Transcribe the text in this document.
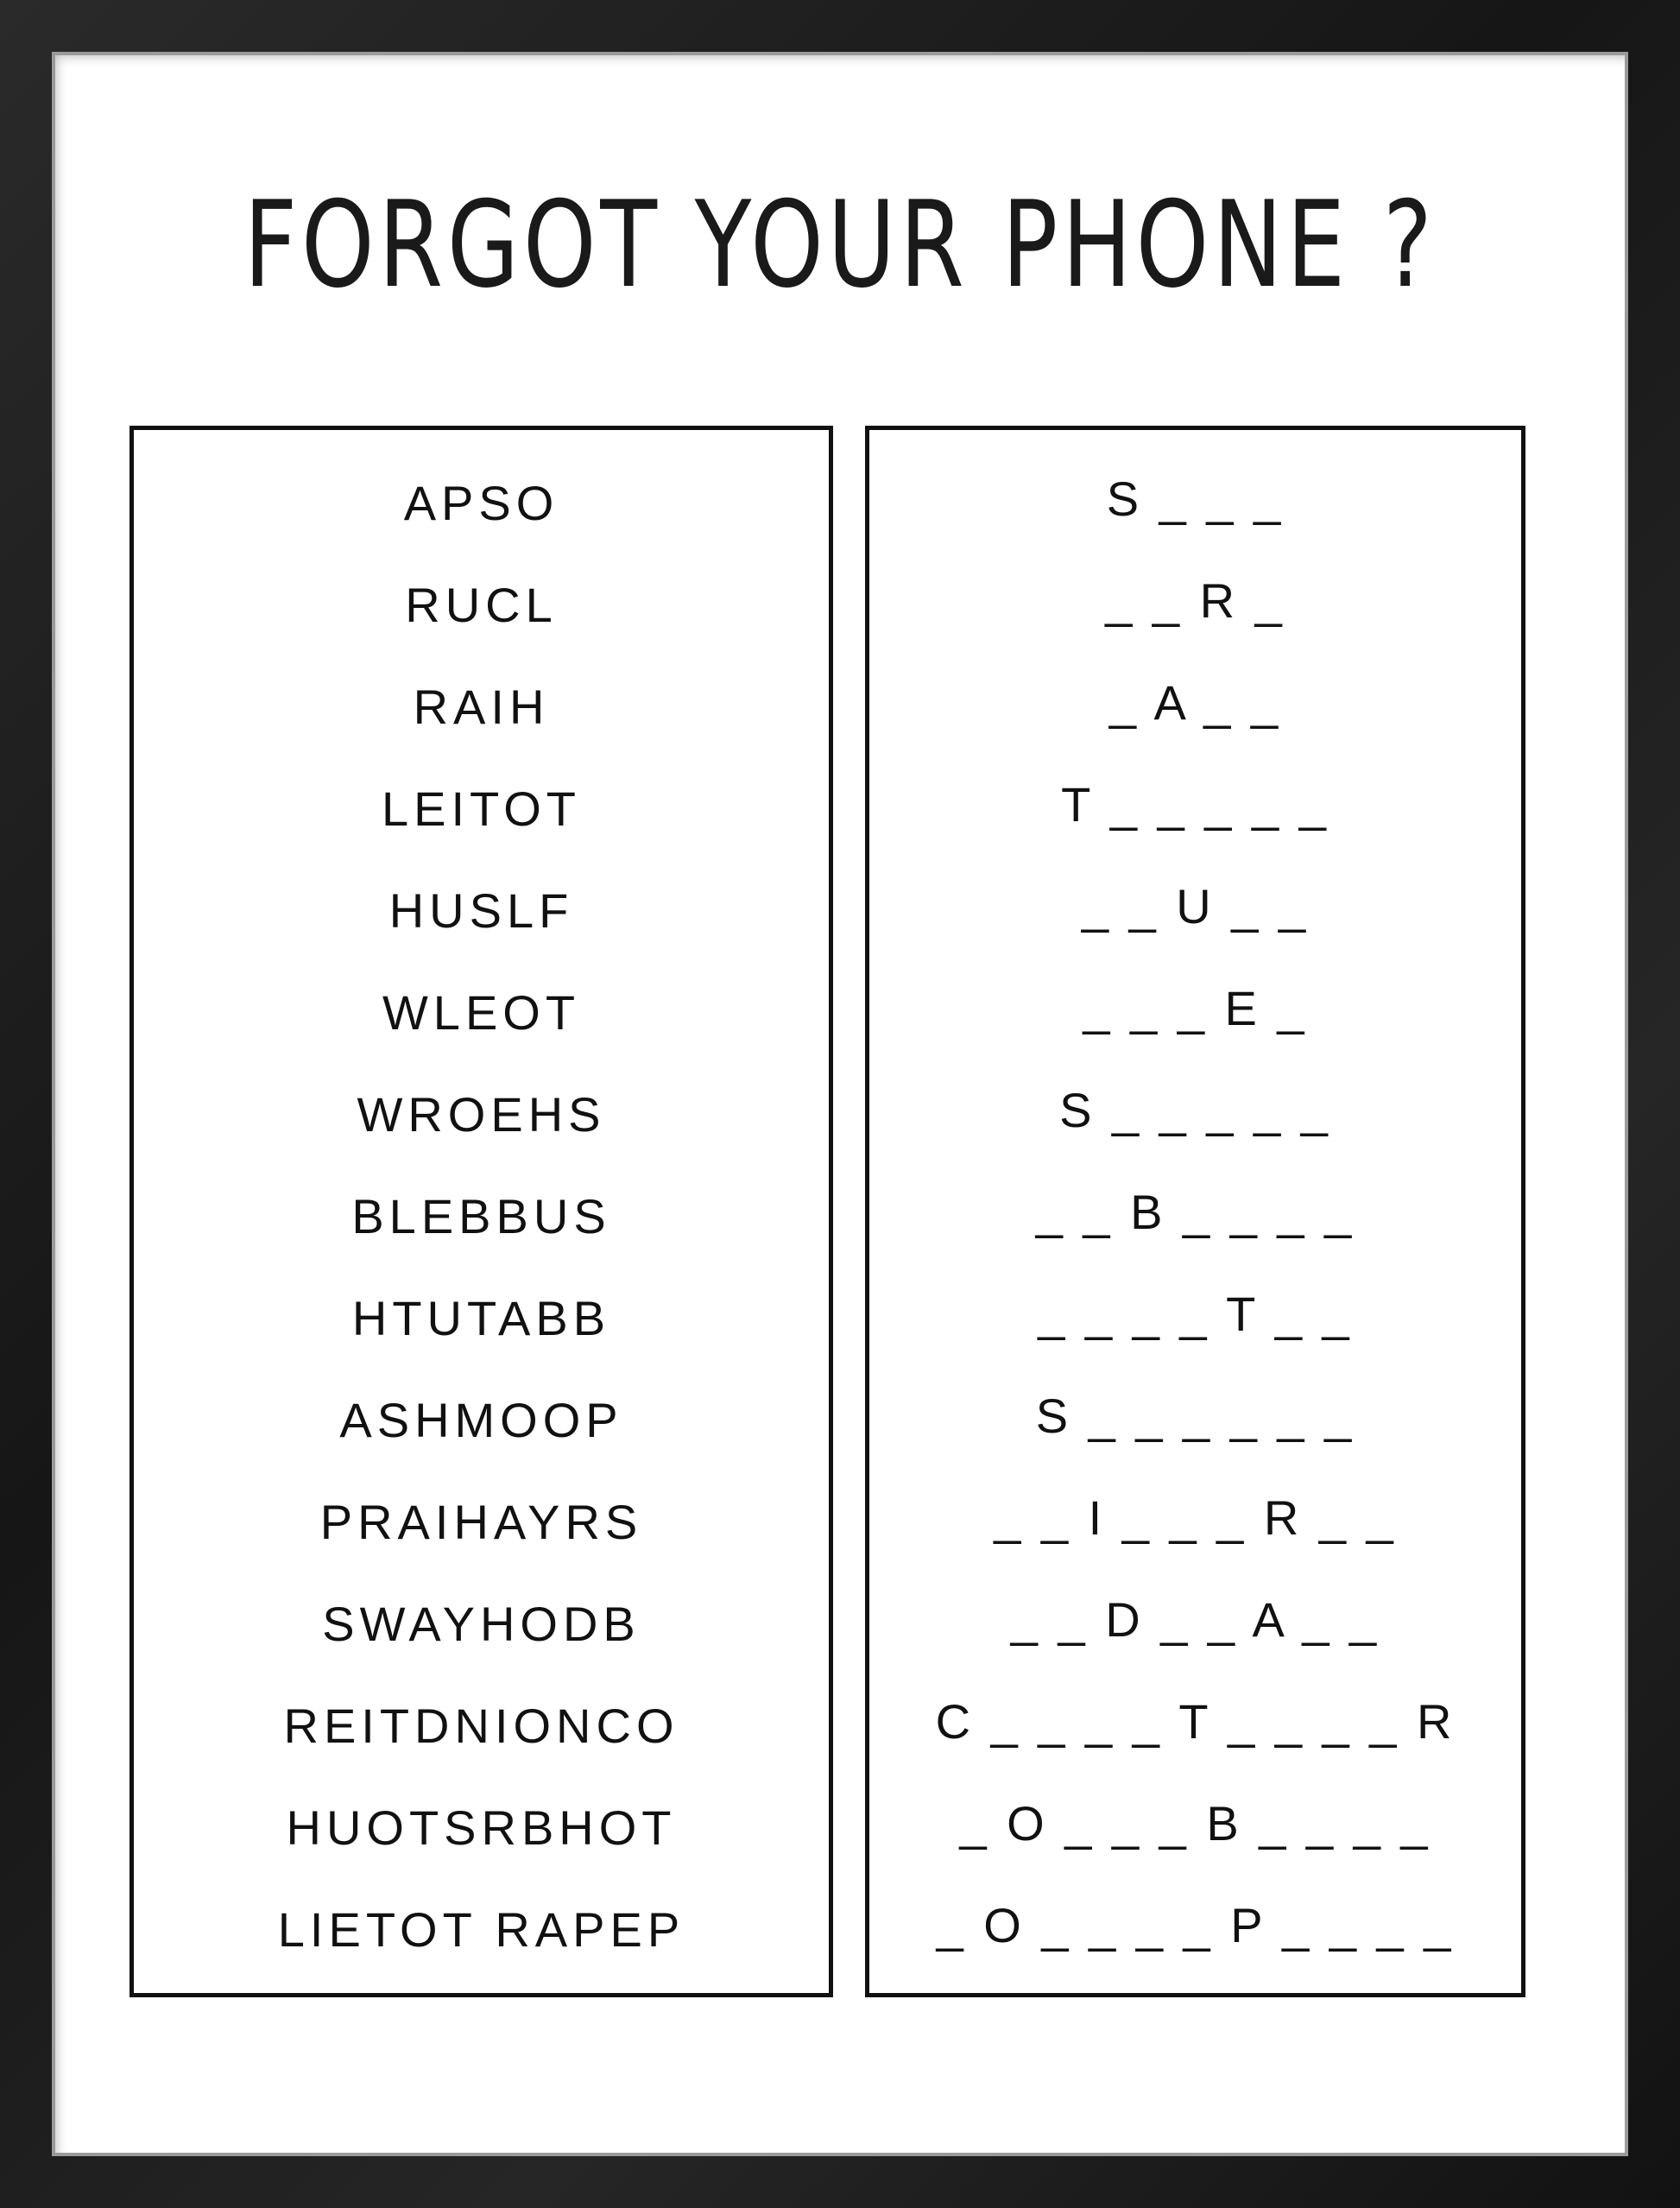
FORGOT YOUR PHONE ?
APSO
RUCL
RAIH
LEITOT
HUSLF
WLEOT
WROEHS
BLEBBUS
HTUTABB
ASHMOOP
PRAIHAYRS
SWAYHODB
REITDNIONCO
HUOTSRBHOT
LIETOT RAPEP
S _ _ _
_ _ R _
_ A _ _
T _ _ _ _ _
_ _ U _ _
_ _ _ E _
S _ _ _ _ _
_ _ B _ _ _ _
_ _ _ _ T _ _
S _ _ _ _ _ _
_ _ I _ _ _ R _ _
_ _ D _ _ A _ _
C _ _ _ _ T _ _ _ _ R
_ O _ _ _ B _ _ _ _
_ O _ _ _ _ P _ _ _ _
